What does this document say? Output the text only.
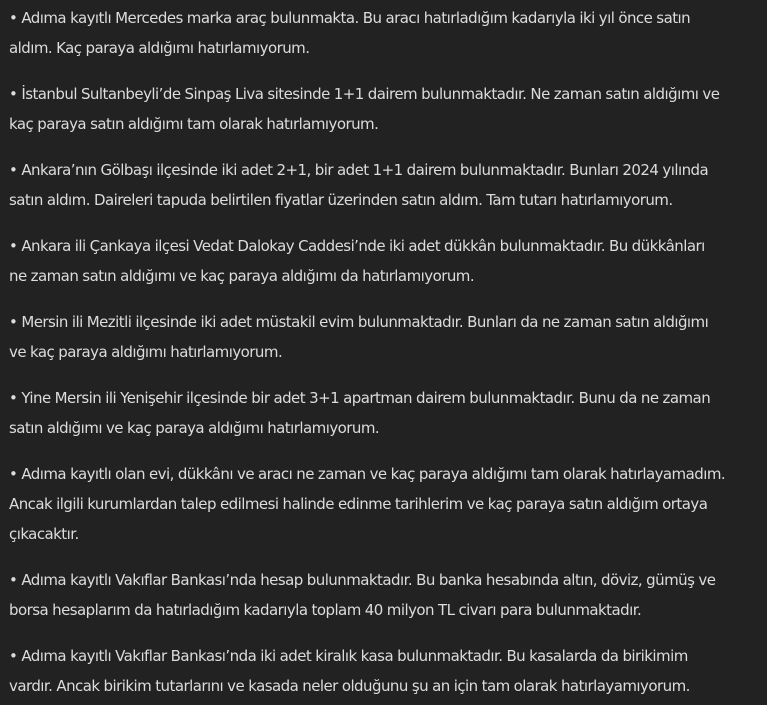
• Adıma kayıtlı Mercedes marka araç bulunmakta. Bu aracı hatırladığım kadarıyla iki yıl önce satın
aldım. Kaç paraya aldığımı hatırlamıyorum.

• İstanbul Sultanbeyli’de Sinpaş Liva sitesinde 1+1 dairem bulunmaktadır. Ne zaman satın aldığımı ve
kaç paraya satın aldığımı tam olarak hatırlamıyorum.

• Ankara’nın Gölbaşı ilçesinde iki adet 2+1, bir adet 1+1 dairem bulunmaktadır. Bunları 2024 yılında
satın aldım. Daireleri tapuda belirtilen fiyatlar üzerinden satın aldım. Tam tutarı hatırlamıyorum.

• Ankara ili Çankaya ilçesi Vedat Dalokay Caddesi’nde iki adet dükkân bulunmaktadır. Bu dükkânları
ne zaman satın aldığımı ve kaç paraya aldığımı da hatırlamıyorum.

• Mersin ili Mezitli ilçesinde iki adet müstakil evim bulunmaktadır. Bunları da ne zaman satın aldığımı
ve kaç paraya aldığımı hatırlamıyorum.

• Yine Mersin ili Yenişehir ilçesinde bir adet 3+1 apartman dairem bulunmaktadır. Bunu da ne zaman
satın aldığımı ve kaç paraya aldığımı hatırlamıyorum.

• Adıma kayıtlı olan evi, dükkânı ve aracı ne zaman ve kaç paraya aldığımı tam olarak hatırlayamadım.
Ancak ilgili kurumlardan talep edilmesi halinde edinme tarihlerim ve kaç paraya satın aldığım ortaya
çıkacaktır.

• Adıma kayıtlı Vakıflar Bankası’nda hesap bulunmaktadır. Bu banka hesabında altın, döviz, gümüş ve
borsa hesaplarım da hatırladığım kadarıyla toplam 40 milyon TL civarı para bulunmaktadır.

• Adıma kayıtlı Vakıflar Bankası’nda iki adet kiralık kasa bulunmaktadır. Bu kasalarda da birikimim
vardır. Ancak birikim tutarlarını ve kasada neler olduğunu şu an için tam olarak hatırlayamıyorum.
